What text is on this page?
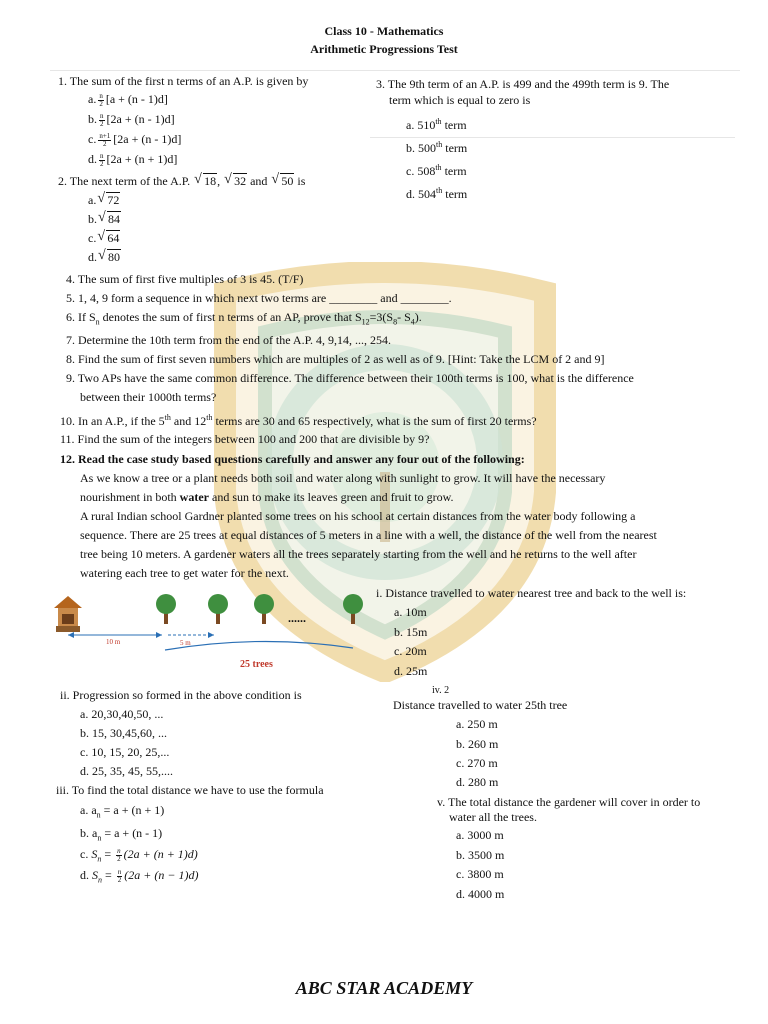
Class 10 - Mathematics
Arithmetic Progressions Test
1. The sum of the first n terms of an A.P. is given by
a. $\frac{n}{2} [a + (n - 1)d]$
b. $\frac{n}{2} [2a + (n - 1)d]$
c. $\frac{n+1}{2} [2a + (n - 1)d]$
d. $\frac{n}{2} [2a + (n + 1)d]$
2. The next term of the A.P. √ 18, √ 32 and √ 50 is
a. √ 72
b. √ 84
c. √ 64
d. √ 80
3. The 9th term of an A.P. is 499 and the 499th term is 9. The
term which is equal to zero is
a. 510th term
b. 500th term
c. 508th term
d. 504th term
4. The sum of first five multiples of 3 is 45. (T/F)
5. 1, 4, 9 form a sequence in which next two terms are ________ and ________.
6. If $S_n$ denotes the sum of first n terms of an AP, prove that $S_{12}=3(S_8-$ $S_4$).
7. Determine the 10th term from the end of the A.P. 4, 9,14, ..., 254.
8. Find the sum of first seven numbers which are multiples of 2 as well as of 9. [Hint: Take the LCM of 2 and 9]
9. Two APs have the same common difference. The difference between their 100th terms is 100, what is the difference
between their 1000th terms?
10. In an A.P., if the 5th and 12th terms are 30 and 65 respectively, what is the sum of first 20 terms?
11. Find the sum of the integers between 100 and 200 that are divisible by 9?
12. Read the case study based questions carefully and answer any four out of the following:
As we know a tree or a plant needs both soil and water along with sunlight to grow. It will have the necessary
nourishment in both water and sun to make its leaves green and fruit to grow.
A rural Indian school Gardner planted some trees on his school at certain distances from the water body following a
sequence. There are 25 trees at equal distances of 5 meters in a line with a well, the distance of the well from the nearest
tree being 10 meters. A gardener waters all the trees separately starting from the well and he returns to the well after
watering each tree to get water for the next.
10 m	5 m
25 trees
......
i. Distance travelled to water nearest tree and back to the well is:
a. 10m
b. 15m
c. 20m
d. 25m
ii. Progression so formed in the above condition is
a. 20,30,40,50, ...
b. 15, 30,45,60, ...
c. 10, 15, 20, 25,...
d. 25, 35, 45, 55,....
iii. To find the total distance we have to use the formula
a. $a_n = a + (n + 1)$
b. $a_n = a + (n - 1)$
c. $S_n = \frac{n}{2} (2a + (n + 1)d)$
d. $S_n = \frac{n}{2} (2a + (n - 1)d)$
iv. 2
Distance travelled to water 25th tree
a. 250 m
b. 260 m
c. 270 m
d. 280 m
v. The total distance the gardener will cover in order to
water all the trees.
a. 3000 m
b. 3500 m
c. 3800 m
d. 4000 m
ABC STAR ACADEMY
